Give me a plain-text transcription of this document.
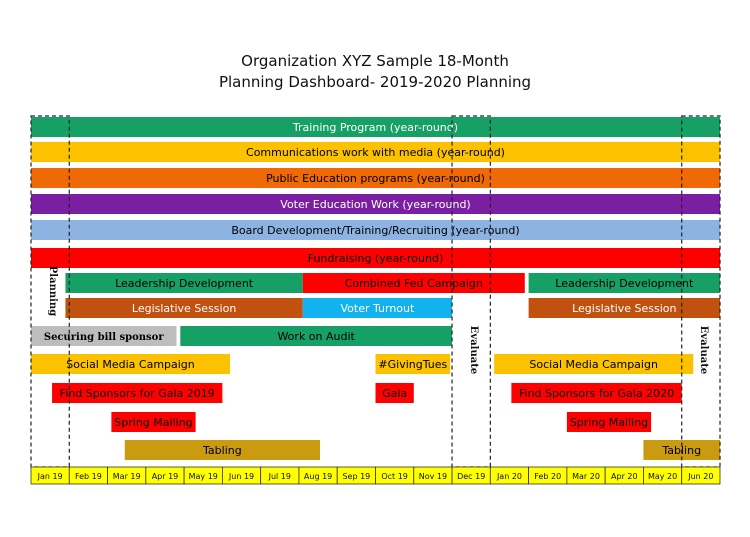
Organization XYZ Sample 18-Month
Planning Dashboard- 2019-2020 Planning
Training Program (year-round)
Communications work with media (year-round)
Public Education programs (year-round)
Voter Education Work (year-round)
Board Development/Training/Recruiting (year-round)
Fundraising (year-round)
Leadership Development	Combined Fed Campaign	Leadership Development
Legislative Session	Voter Turnout	Legislative Session
Securing bill sponsor	Work on Audit
Social Media Campaign	#GivingTues	Social Media Campaign
Find Sponsors for Gala 2019	Gala	Find Sponsors for Gala 2020
Spring Mailing	Spring Mailing
Tabling	Tabling
Planning
Evaluate	Evaluate
Jan 19 Feb 19 Mar 19 Apr 19 May 19 Jun 19 Jul 19 Aug 19 Sep 19 Oct 19 Nov 19 Dec 19 Jan 20 Feb 20 Mar 20 Apr 20 May 20 Jun 20
